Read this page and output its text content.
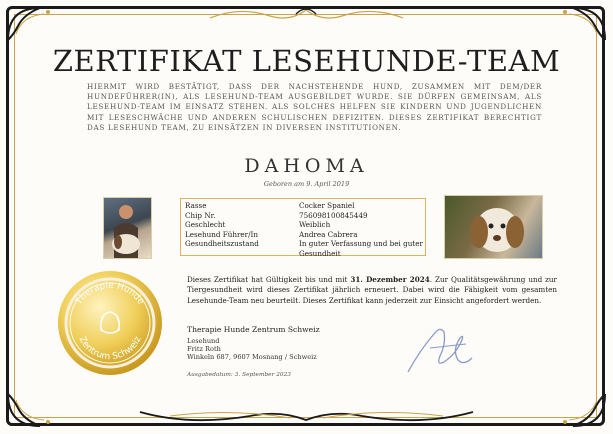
ZERTIFIKAT LESEHUNDE-TEAM
HIERMIT WIRD BESTÄTIGT, DASS DER NACHSTEHENDE HUND, ZUSAMMEN MIT DEM/DER HUNDEFÜHRER(IN), ALS LESEHUND-TEAM AUSGEBILDET WURDE. SIE DÜRFEN GEMEINSAM, ALS LESEHUND-TEAM IM EINSATZ STEHEN. ALS SOLCHES HELFEN SIE KINDERN UND JUGENDLICHEN MIT LESESCHWÄCHE UND ANDEREN SCHULISCHEN DEFIZITEN. DIESES ZERTIFIKAT BERECHTIGT DAS LESEHUND TEAM, ZU EINSÄTZEN IN DIVERSEN INSTITUTIONEN.
DAHOMA
Geboren am 9. April 2019
Rasse	Cocker Spaniel
Chip Nr.	756098100845449
Geschlecht	Weiblich
Lesehund Führer/In	Andrea Cabrera
Gesundheitszustand	In guter Verfassung und bei guter Gesundheit
Therapie Hunde
Zentrum Schweiz
Dieses Zertifikat hat Gültigkeit bis und mit 31. Dezember 2024. Zur Qualitätsgewährung und zur Tiergesundheit wird dieses Zertifikat jährlich erneuert. Dabei wird die Fähigkeit vom gesamten Lesehunde-Team neu beurteilt. Dieses Zertifikat kann jederzeit zur Einsicht angefordert werden.
Therapie Hunde Zentrum Schweiz
Lesehund
Fritz Roth
Winkeln 687, 9607 Mosnang / Schweiz
Ausgabedatum: 3. September 2023
